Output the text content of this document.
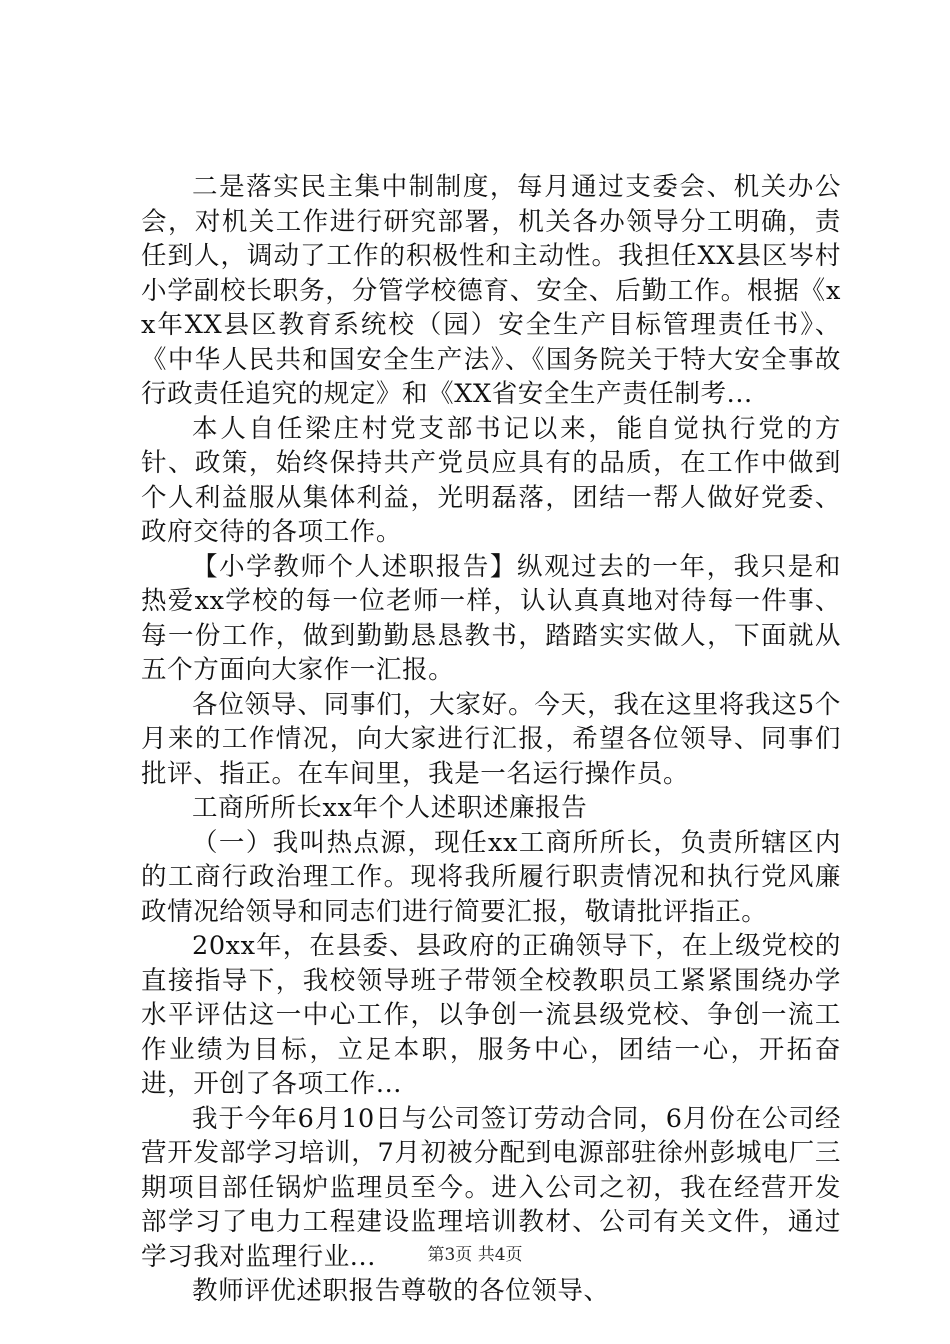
二是落实民主集中制制度，每月通过支委会、机关办公会，对机关工作进行研究部署，机关各办领导分工明确，责任到人，调动了工作的积极性和主动性。我担任XX县区岑村小学副校长职务，分管学校德育、安全、后勤工作。根据《xx年XX县区教育系统校（园）安全生产目标管理责任书》、《中华人民共和国安全生产法》、《国务院关于特大安全事故行政责任追究的规定》和《XX省安全生产责任制考...

本人自任梁庄村党支部书记以来，能自觉执行党的方针、政策，始终保持共产党员应具有的品质，在工作中做到个人利益服从集体利益，光明磊落，团结一帮人做好党委、政府交待的各项工作。

【小学教师个人述职报告】纵观过去的一年，我只是和热爱xx学校的每一位老师一样，认认真真地对待每一件事、每一份工作，做到勤勤恳恳教书，踏踏实实做人，下面就从五个方面向大家作一汇报。

各位领导、同事们，大家好。今天，我在这里将我这5个月来的工作情况，向大家进行汇报，希望各位领导、同事们批评、指正。在车间里，我是一名运行操作员。

工商所所长xx年个人述职述廉报告

（一）我叫热点源，现任xx工商所所长，负责所辖区内的工商行政治理工作。现将我所履行职责情况和执行党风廉政情况给领导和同志们进行简要汇报，敬请批评指正。

20xx年，在县委、县政府的正确领导下，在上级党校的直接指导下，我校领导班子带领全校教职员工紧紧围绕办学水平评估这一中心工作，以争创一流县级党校、争创一流工作业绩为目标，立足本职，服务中心，团结一心，开拓奋进，开创了各项工作...

我于今年6月10日与公司签订劳动合同，6月份在公司经营开发部学习培训，7月初被分配到电源部驻徐州彭城电厂三期项目部任锅炉监理员至今。进入公司之初，我在经营开发部学习了电力工程建设监理培训教材、公司有关文件，通过学习我对监理行业...

教师评优述职报告尊敬的各位领导、

第3页 共4页
